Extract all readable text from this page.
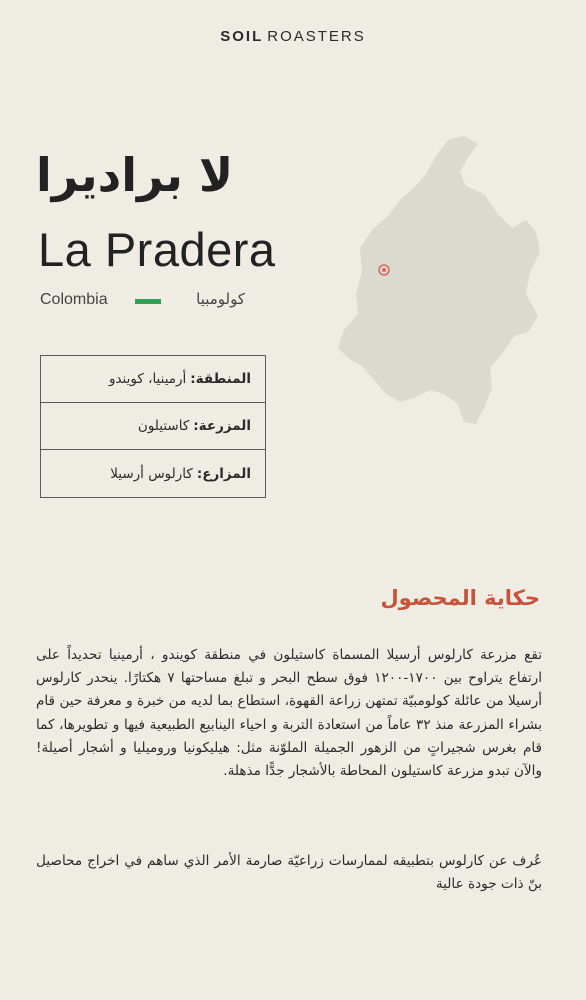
SOIL ROASTERS
لا براديرا
La Pradera
Colombia	كولومبيا
المنطقة:
أرمينيا، كويندو
المزرعة:
كاستيلون
المزارع:
كارلوس أرسيلا
حكاية المحصول

تقع مزرعة كارلوس أرسيلا المسماة كاستيلون في منطقة كويندو ، أرمينيا تحديداً على ارتفاع يتراوح بين ١٧٠٠-١٢٠٠ فوق سطح البحر و تبلغ مساحتها ٧ هكتارًا. ينحدر كارلوس أرسيلا من عائلة كولومبيّة تمتهن زراعة القهوة، استطاع بما لديه من خبرة و معرفة حين قام بشراء المزرعة منذ ٣٢ عاماً من استعادة التربة و احياء الينابيع الطبيعية فيها و تطويرها، كما قام بغرس شجيراتٍ من الزهور الجميلة الملوّنة مثل: هيليكونيا وروميليا و أشجار أصيلة! والآن تبدو مزرعة كاستيلون المحاطة بالأشجار جدًّا مذهلة.

عُرف عن كارلوس بتطبيقه لممارسات زراعيّة صارمة الأمر الذي ساهم في اخراج محاصيل بنّ ذات جودة عالية
